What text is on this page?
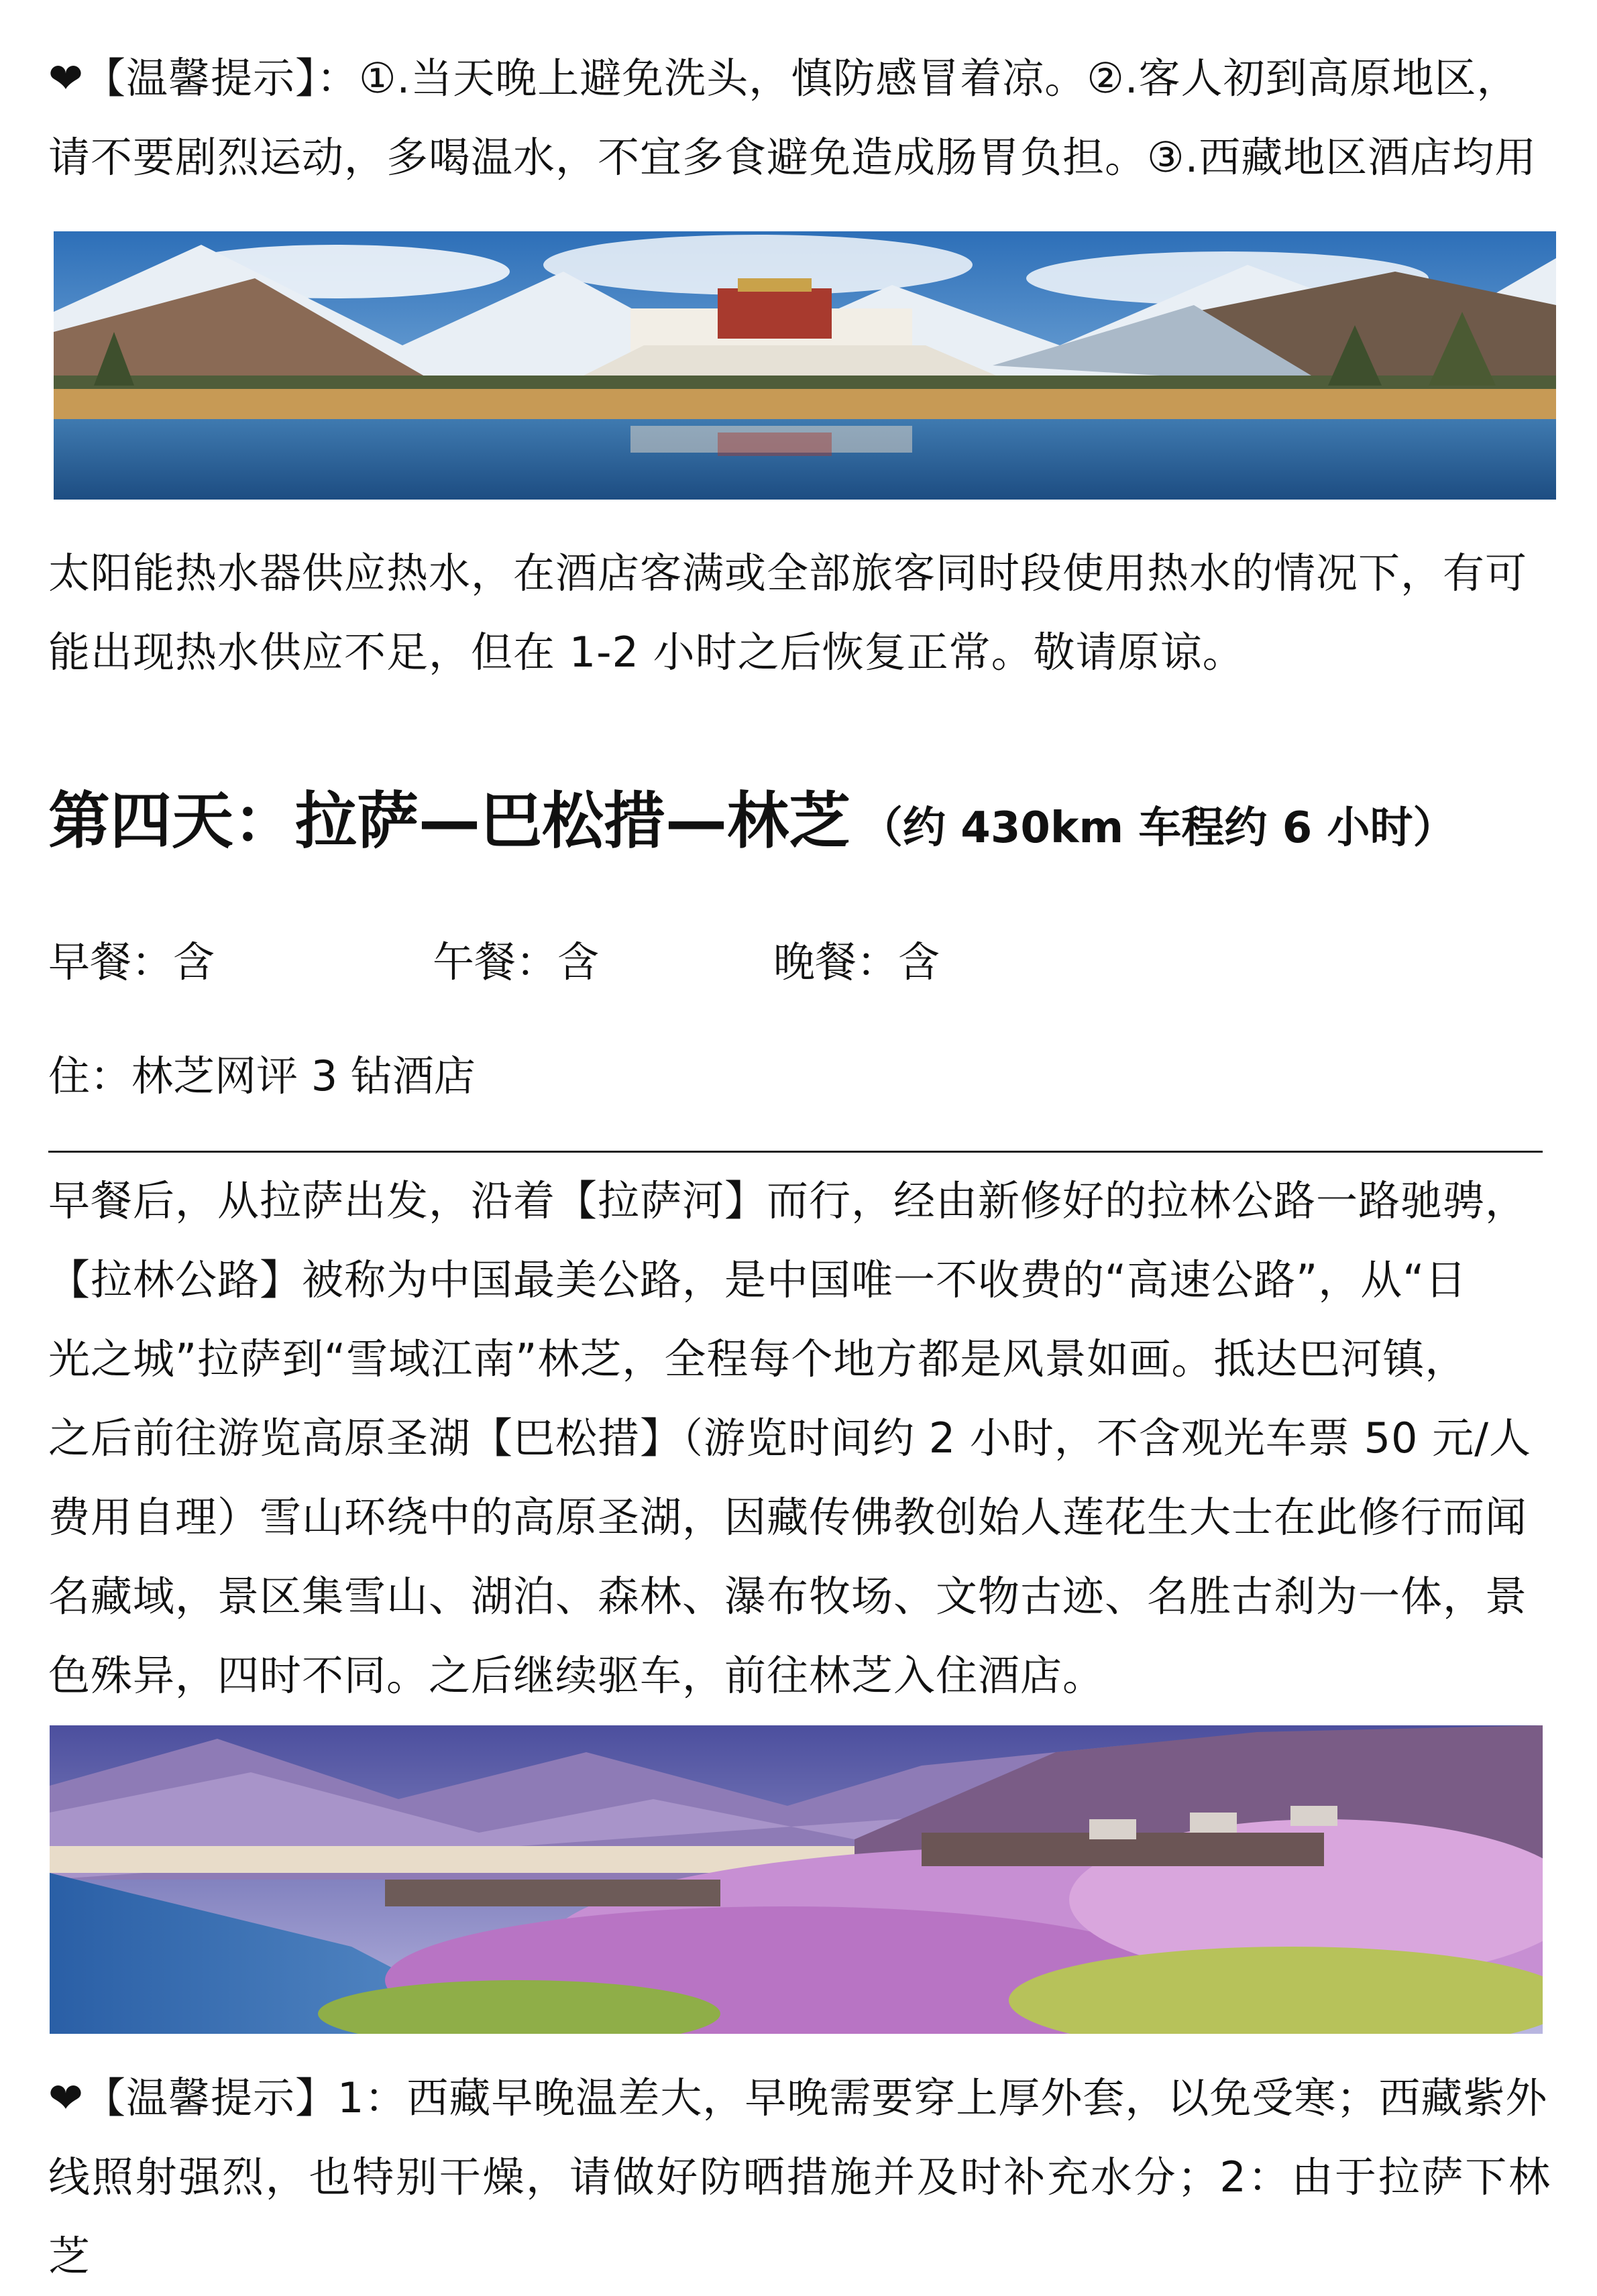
❤【温馨提示】：①.当天晚上避免洗头，慎防感冒着凉。②.客人初到高原地区，
请不要剧烈运动，多喝温水，不宜多食避免造成肠胃负担。③.西藏地区酒店均用

太阳能热水器供应热水，在酒店客满或全部旅客同时段使用热水的情况下，有可
能出现热水供应不足，但在 1-2 小时之后恢复正常。敬请原谅。

第四天：拉萨—巴松措—林芝 （约 430km 车程约 6 小时）
早餐：含	午餐：含	晚餐：含
住：林芝网评 3 钻酒店

早餐后，从拉萨出发，沿着【拉萨河】而行，经由新修好的拉林公路一路驰骋，
【拉林公路】被称为中国最美公路，是中国唯一不收费的“高速公路”，从“日
光之城”拉萨到“雪域江南”林芝，全程每个地方都是风景如画。抵达巴河镇，
之后前往游览高原圣湖【巴松措】（游览时间约 2 小时，不含观光车票 50 元/人
费用自理）雪山环绕中的高原圣湖，因藏传佛教创始人莲花生大士在此修行而闻
名藏域，景区集雪山、湖泊、森林、瀑布牧场、文物古迹、名胜古刹为一体，景
色殊异，四时不同。之后继续驱车，前往林芝入住酒店。

❤【温馨提示】1：西藏早晚温差大，早晚需要穿上厚外套，以免受寒；西藏紫外
线照射强烈，也特别干燥，请做好防晒措施并及时补充水分；2：由于拉萨下林芝
